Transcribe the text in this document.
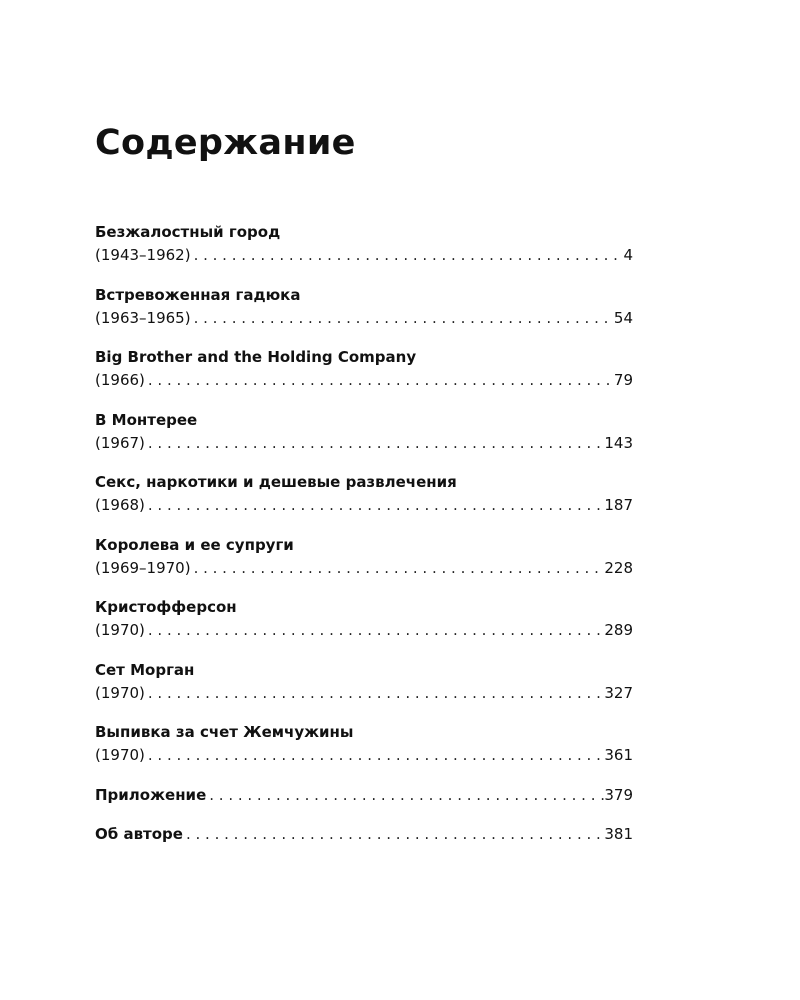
Содержание
Безжалостный город
(1943–1962) . . .	4
Встревоженная гадюка
(1963–1965) . . .	54
Big Brother and the Holding Company
(1966) . . .	79
В Монтерее
(1967) . . .	143
Секс, наркотики и дешевые развлечения
(1968) . . .	187
Королева и ее супруги
(1969–1970) . . .	228
Кристофферсон
(1970) . . .	289
Сет Морган
(1970) . . .	327
Выпивка за счет Жемчужины
(1970) . . .	361
Приложение . . .	379
Об авторе . . .	381
